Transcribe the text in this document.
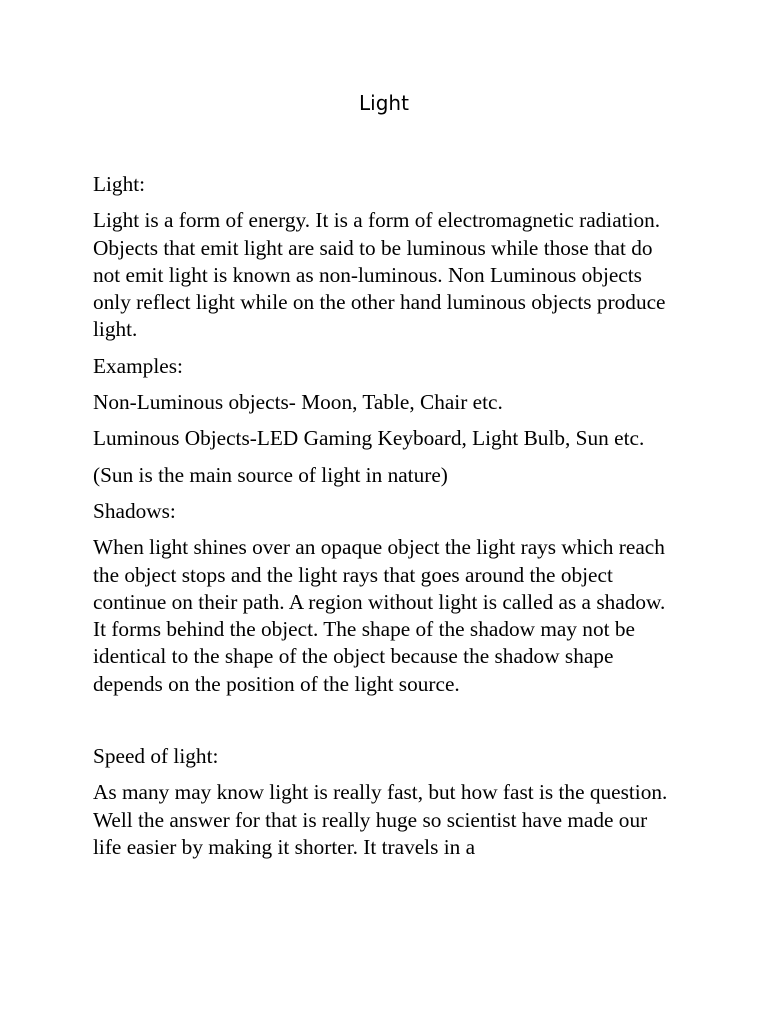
Light

Light:

Light is a form of energy. It is a form of electromagnetic radiation. Objects that emit light are said to be luminous while those that do not emit light is known as non-luminous. Non Luminous objects only reflect light while on the other hand luminous objects produce light.

Examples:

Non-Luminous objects- Moon, Table, Chair etc.

Luminous Objects-LED Gaming Keyboard, Light Bulb, Sun etc.

(Sun is the main source of light in nature)

Shadows:

When light shines over an opaque object the light rays which reach the object stops and the light rays that goes around the object continue on their path. A region without light is called as a shadow. It forms behind the object. The shape of the shadow may not be identical to the shape of the object because the shadow shape depends on the position of the light source.

Speed of light:

As many may know light is really fast, but how fast is the question. Well the answer for that is really huge so scientist have made our life easier by making it shorter. It travels in a
